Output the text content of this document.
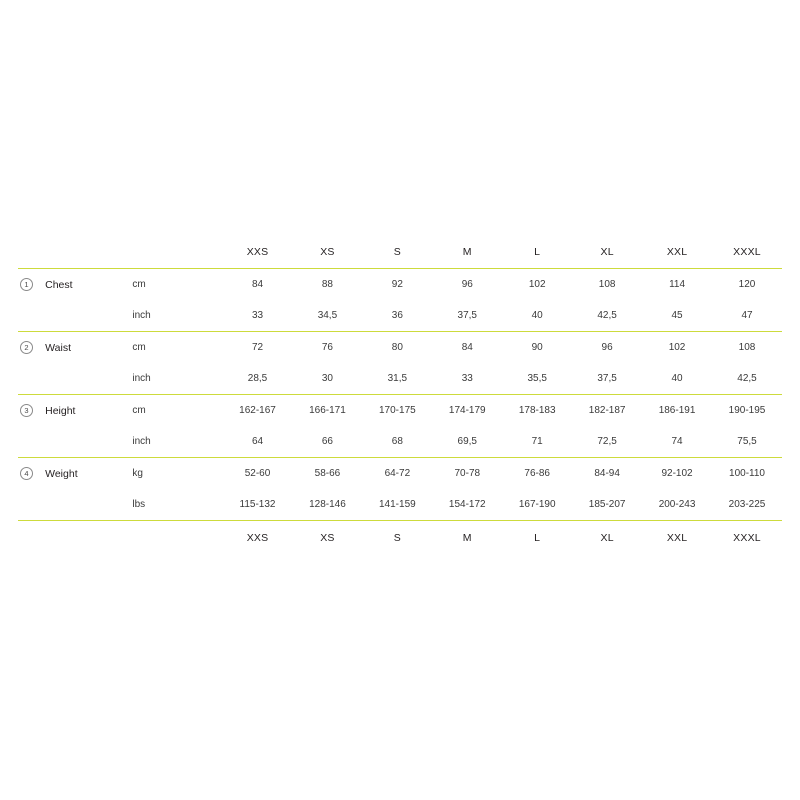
			XXS	XS	S	M	L	XL	XXL	XXXL
1	Chest	cm	84	88	92	96	102	108	114	120
		inch	33	34,5	36	37,5	40	42,5	45	47
2	Waist	cm	72	76	80	84	90	96	102	108
		inch	28,5	30	31,5	33	35,5	37,5	40	42,5
3	Height	cm	162-167	166-171	170-175	174-179	178-183	182-187	186-191	190-195
		inch	64	66	68	69,5	71	72,5	74	75,5
4	Weight	kg	52-60	58-66	64-72	70-78	76-86	84-94	92-102	100-110
		lbs	115-132	128-146	141-159	154-172	167-190	185-207	200-243	203-225
			XXS	XS	S	M	L	XL	XXL	XXXL
